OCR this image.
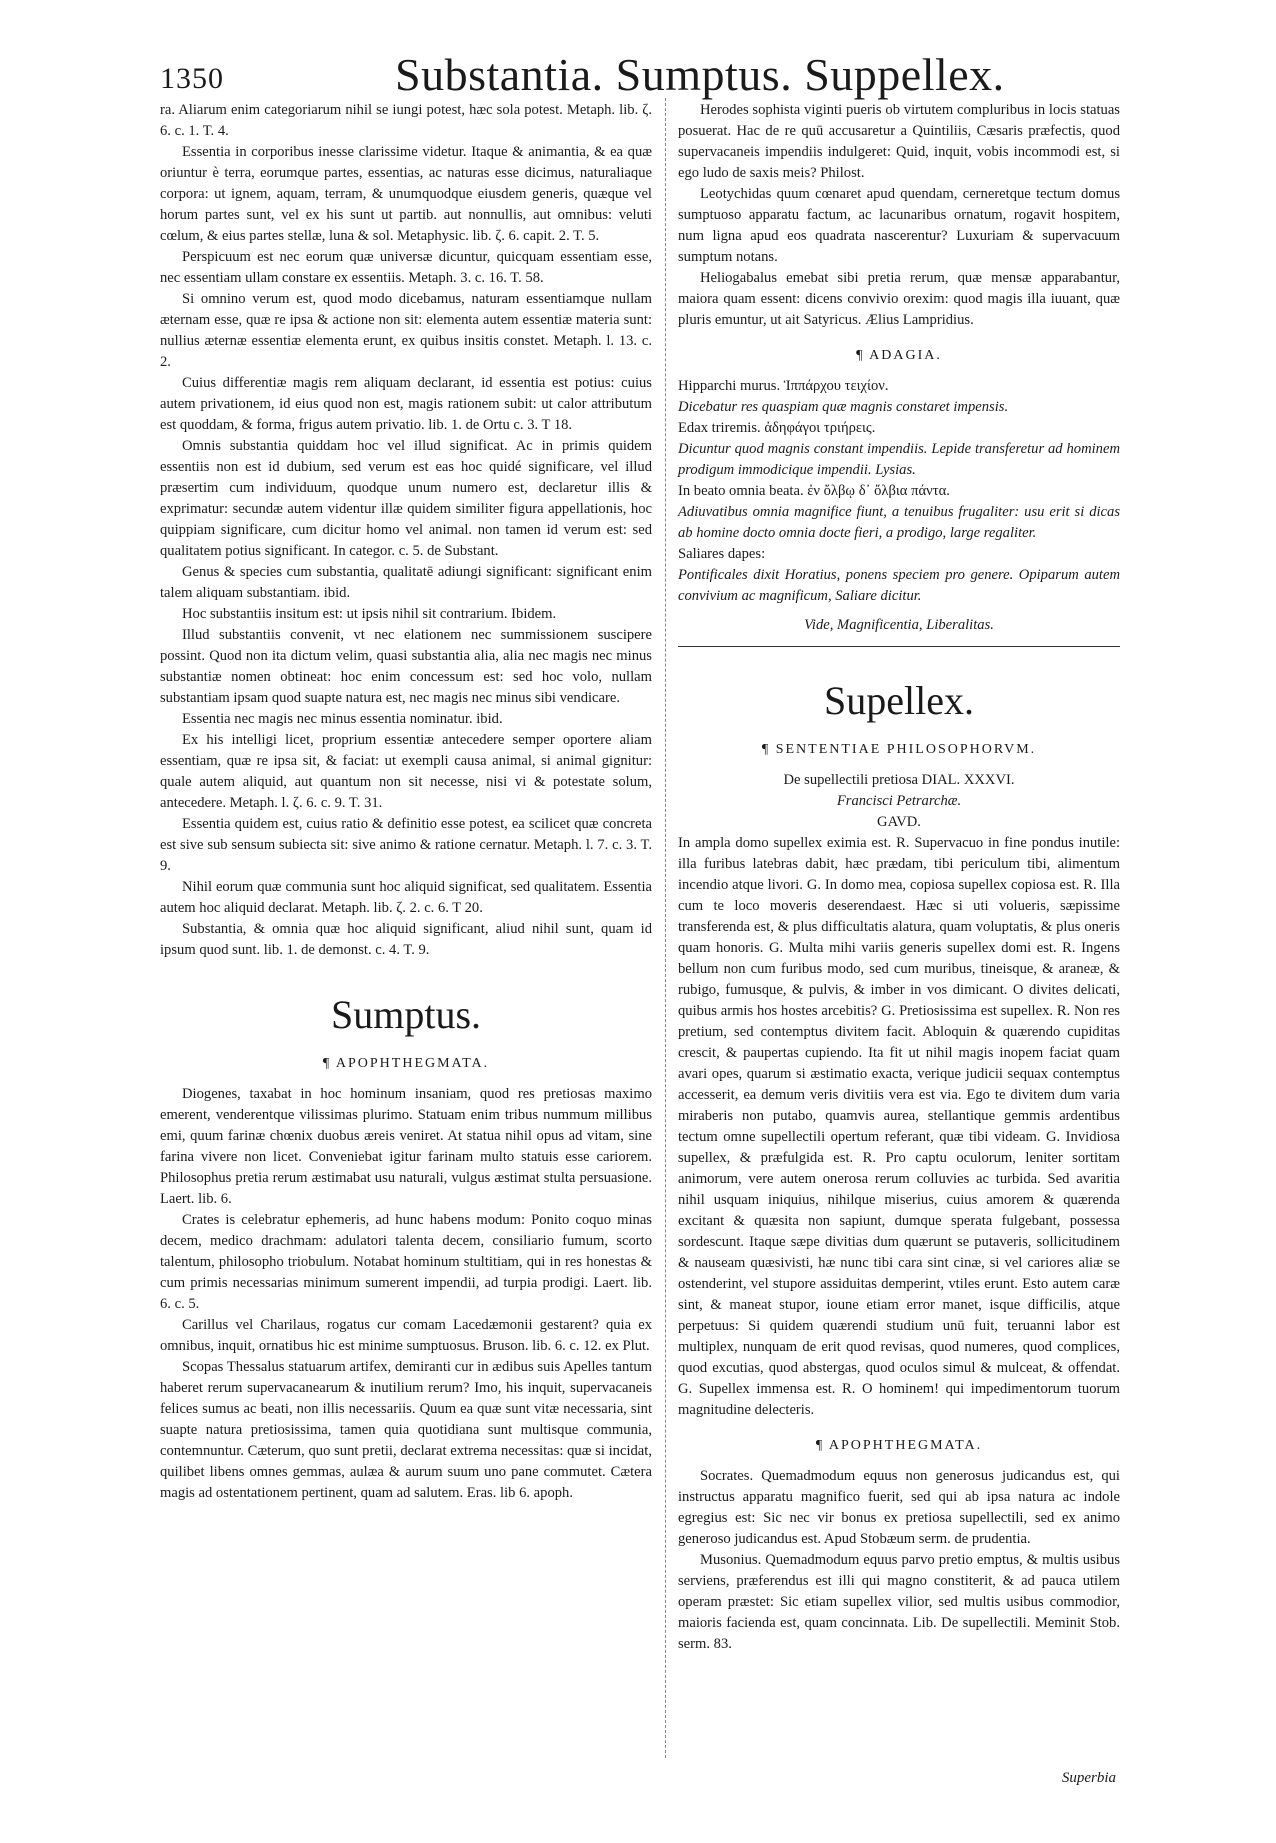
1350	Substantia. Sumptus. Suppellex.

ra. Aliarum enim categoriarum nihil se iungi potest, hæc sola potest. Metaph. lib. ζ. 6. c. 1. T. 4.

Essentia in corporibus inesse clarissime videtur. Itaque & animantia, & ea quæ oriuntur è terra, eorumque partes, essentias, ac naturas esse dicimus, naturaliaque corpora: ut ignem, aquam, terram, & unumquodque eiusdem generis, quæque vel horum partes sunt, vel ex his sunt ut partib. aut nonnullis, aut omnibus: veluti cœlum, & eius partes stellæ, luna & sol. Metaphysic. lib. ζ. 6. capit. 2. T. 5.

Perspicuum est nec eorum quæ universæ dicuntur, quicquam essentiam esse, nec essentiam ullam constare ex essentiis. Metaph. 3. c. 16. T. 58.

Si omnino verum est, quod modo dicebamus, naturam essentiamque nullam æternam esse, quæ re ipsa & actione non sit: elementa autem essentiæ materia sunt: nullius æternæ essentiæ elementa erunt, ex quibus insitis constet. Metaph. l. 13. c. 2.

Cuius differentiæ magis rem aliquam declarant, id essentia est potius: cuius autem privationem, id eius quod non est, magis rationem subit: ut calor attributum est quoddam, & forma, frigus autem privatio. lib. 1. de Ortu c. 3. T 18.

Omnis substantia quiddam hoc vel illud significat. Ac in primis quidem essentiis non est id dubium, sed verum est eas hoc quidé significare, vel illud præsertim cum individuum, quodque unum numero est, declaretur illis & exprimatur: secundæ autem videntur illæ quidem similiter figura appellationis, hoc quippiam significare, cum dicitur homo vel animal. non tamen id verum est: sed qualitatem potius significant. In categor. c. 5. de Substant.

Genus & species cum substantia, qualitatē adiungi significant: significant enim talem aliquam substantiam. ibid.

Hoc substantiis insitum est: ut ipsis nihil sit contrarium. Ibidem.

Illud substantiis convenit, vt nec elationem nec summissionem suscipere possint. Quod non ita dictum velim, quasi substantia alia, alia nec magis nec minus substantiæ nomen obtineat: hoc enim concessum est: sed hoc volo, nullam substantiam ipsam quod suapte natura est, nec magis nec minus sibi vendicare.

Essentia nec magis nec minus essentia nominatur. ibid.

Ex his intelligi licet, proprium essentiæ antecedere semper oportere aliam essentiam, quæ re ipsa sit, & faciat: ut exempli causa animal, si animal gignitur: quale autem aliquid, aut quantum non sit necesse, nisi vi & potestate solum, antecedere. Metaph. l. ζ. 6. c. 9. T. 31.

Essentia quidem est, cuius ratio & definitio esse potest, ea scilicet quæ concreta est sive sub sensum subiecta sit: sive animo & ratione cernatur. Metaph. l. 7. c. 3. T. 9.

Nihil eorum quæ communia sunt hoc aliquid significat, sed qualitatem. Essentia autem hoc aliquid declarat. Metaph. lib. ζ. 2. c. 6. T 20.

Substantia, & omnia quæ hoc aliquid significant, aliud nihil sunt, quam id ipsum quod sunt. lib. 1. de demonst. c. 4. T. 9.

Sumptus.
¶ APOPHTHEGMATA.

Diogenes, taxabat in hoc hominum insaniam, quod res pretiosas maximo emerent, venderentque vilissimas plurimo. Statuam enim tribus nummum millibus emi, quum farinæ chœnix duobus æreis veniret. At statua nihil opus ad vitam, sine farina vivere non licet. Conveniebat igitur farinam multo statuis esse cariorem. Philosophus pretia rerum æstimabat usu naturali, vulgus æstimat stulta persuasione. Laert. lib. 6.

Crates is celebratur ephemeris, ad hunc habens modum: Ponito coquo minas decem, medico drachmam: adulatori talenta decem, consiliario fumum, scorto talentum, philosopho triobulum. Notabat hominum stultitiam, qui in res honestas & cum primis necessarias minimum sumerent impendii, ad turpia prodigi. Laert. lib. 6. c. 5.

Carillus vel Charilaus, rogatus cur comam Lacedæmonii gestarent? quia ex omnibus, inquit, ornatibus hic est minime sumptuosus. Bruson. lib. 6. c. 12. ex Plut.

Scopas Thessalus statuarum artifex, demiranti cur in ædibus suis Apelles tantum haberet rerum supervacanearum & inutilium rerum? Imo, his inquit, supervacaneis felices sumus ac beati, non illis necessariis. Quum ea quæ sunt vitæ necessaria, sint suapte natura pretiosissima, tamen quia quotidiana sunt multisque communia, contemnuntur. Cæterum, quo sunt pretii, declarat extrema necessitas: quæ si incidat, quilibet libens omnes gemmas, aulæa & aurum suum uno pane commutet. Cætera magis ad ostentationem pertinent, quam ad salutem. Eras. lib 6. apoph.

Herodes sophista viginti pueris ob virtutem compluribus in locis statuas posuerat. Hac de re quū accusaretur a Quintiliis, Cæsaris præfectis, quod supervacaneis impendiis indulgeret: Quid, inquit, vobis incommodi est, si ego ludo de saxis meis? Philost.

Leotychidas quum cœnaret apud quendam, cerneretque tectum domus sumptuoso apparatu factum, ac lacunaribus ornatum, rogavit hospitem, num ligna apud eos quadrata nascerentur? Luxuriam & supervacuum sumptum notans.

Heliogabalus emebat sibi pretia rerum, quæ mensæ apparabantur, maiora quam essent: dicens convivio orexim: quod magis illa iuuant, quæ pluris emuntur, ut ait Satyricus. Ælius Lampridius.

¶ ADAGIA.

Hipparchi murus. Ἱππάρχου τειχίον.

Dicebatur res quaspiam quæ magnis constaret impensis.

Edax triremis. ἀδηφάγοι τριήρεις.

Dicuntur quod magnis constant impendiis. Lepide transferetur ad hominem prodigum immodicique impendii. Lysias.

In beato omnia beata. ἐν ὄλβῳ δ᾽ ὄλβια πάντα.

Adiuvatibus omnia magnifice fiunt, a tenuibus frugaliter: usu erit si dicas ab homine docto omnia docte fieri, a prodigo, large regaliter.

Saliares dapes:

Pontificales dixit Horatius, ponens speciem pro genere. Opiparum autem convivium ac magnificum, Saliare dicitur.

Vide, Magnificentia, Liberalitas.

Supellex.
¶ SENTENTIAE PHILOSOPHORVM.

De supellectili pretiosa DIAL. XXXVI.

Francisci Petrarchæ.

GAVD.

In ampla domo supellex eximia est. R. Supervacuo in fine pondus inutile: illa furibus latebras dabit, hæc prædam, tibi periculum tibi, alimentum incendio atque livori. G. In domo mea, copiosa supellex copiosa est. R. Illa cum te loco moveris deserendaest. Hæc si uti volueris, sæpissime transferenda est, & plus difficultatis alatura, quam voluptatis, & plus oneris quam honoris. G. Multa mihi variis generis supellex domi est. R. Ingens bellum non cum furibus modo, sed cum muribus, tineisque, & araneæ, & rubigo, fumusque, & pulvis, & imber in vos dimicant. O divites delicati, quibus armis hos hostes arcebitis? G. Pretiosissima est supellex. R. Non res pretium, sed contemptus divitem facit. Abloquin & quærendo cupiditas crescit, & paupertas cupiendo. Ita fit ut nihil magis inopem faciat quam avari opes, quarum si æstimatio exacta, verique judicii sequax contemptus accesserit, ea demum veris divitiis vera est via. Ego te divitem dum varia miraberis non putabo, quamvis aurea, stellantique gemmis ardentibus tectum omne supellectili opertum referant, quæ tibi videam. G. Invidiosa supellex, & præfulgida est. R. Pro captu oculorum, leniter sortitam animorum, vere autem onerosa rerum colluvies ac turbida. Sed avaritia nihil usquam iniquius, nihilque miserius, cuius amorem & quærenda excitant & quæsita non sapiunt, dumque sperata fulgebant, possessa sordescunt. Itaque sæpe divitias dum quærunt se putaveris, sollicitudinem & nauseam quæsivisti, hæ nunc tibi cara sint cinæ, si vel cariores aliæ se ostenderint, vel stupore assiduitas demperint, vtiles erunt. Esto autem caræ sint, & maneat stupor, ioune etiam error manet, isque difficilis, atque perpetuus: Si quidem quærendi studium unū fuit, teruanni labor est multiplex, nunquam de erit quod revisas, quod numeres, quod complices, quod excutias, quod abstergas, quod oculos simul & mulceat, & offendat. G. Supellex immensa est. R. O hominem! qui impedimentorum tuorum magnitudine delecteris.

¶ APOPHTHEGMATA.

Socrates. Quemadmodum equus non generosus judicandus est, qui instructus apparatu magnifico fuerit, sed qui ab ipsa natura ac indole egregius est: Sic nec vir bonus ex pretiosa supellectili, sed ex animo generoso judicandus est. Apud Stobæum serm. de prudentia.

Musonius. Quemadmodum equus parvo pretio emptus, & multis usibus serviens, præferendus est illi qui magno constiterit, & ad pauca utilem operam præstet: Sic etiam supellex vilior, sed multis usibus commodior, maioris facienda est, quam concinnata. Lib. De supellectili. Meminit Stob. serm. 83.

Superbia
